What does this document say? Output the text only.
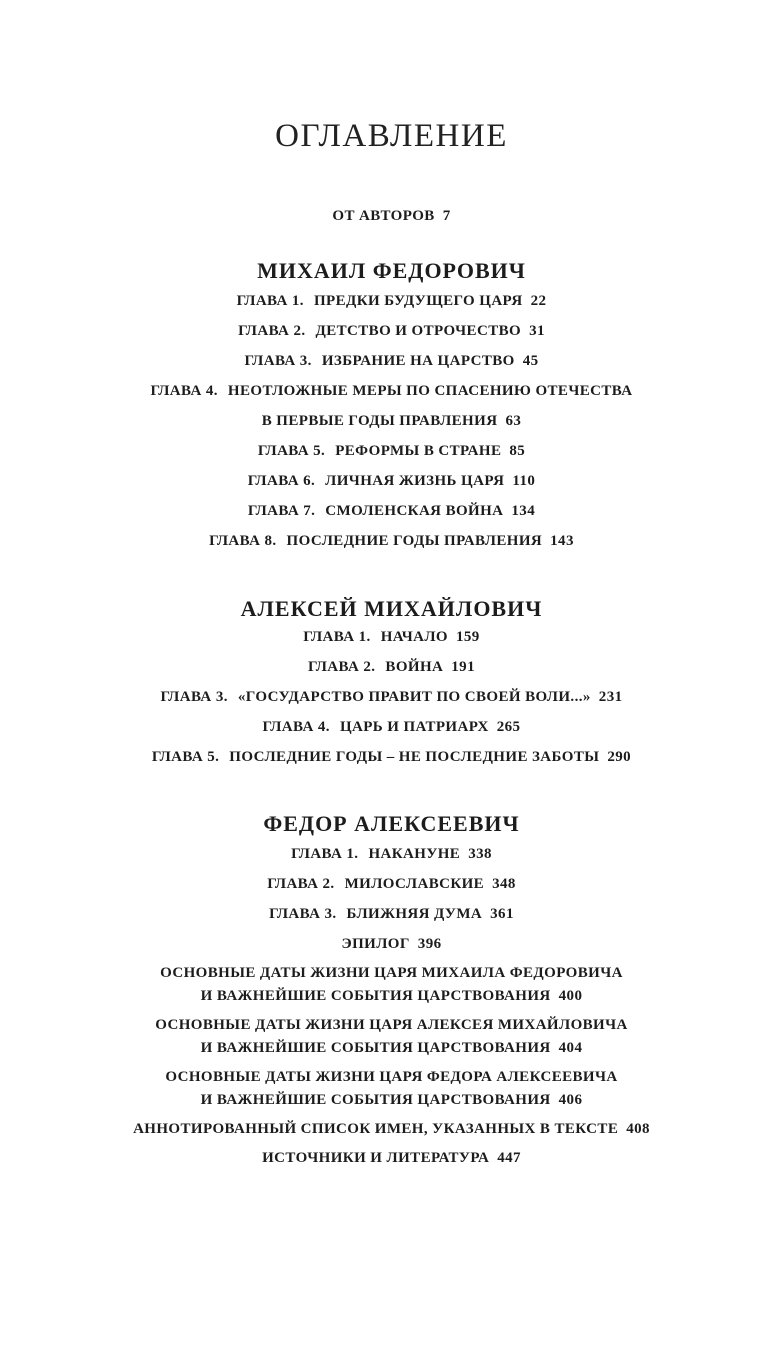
ОГЛАВЛЕНИЕ
ОТ АВТОРОВ 7
МИХАИЛ ФЕДОРОВИЧ
ГЛАВА 1. ПРЕДКИ БУДУЩЕГО ЦАРЯ 22
ГЛАВА 2. ДЕТСТВО И ОТРОЧЕСТВО 31
ГЛАВА 3. ИЗБРАНИЕ НА ЦАРСТВО 45
ГЛАВА 4. НЕОТЛОЖНЫЕ МЕРЫ ПО СПАСЕНИЮ ОТЕЧЕСТВА
В ПЕРВЫЕ ГОДЫ ПРАВЛЕНИЯ 63
ГЛАВА 5. РЕФОРМЫ В СТРАНЕ 85
ГЛАВА 6. ЛИЧНАЯ ЖИЗНЬ ЦАРЯ 110
ГЛАВА 7. СМОЛЕНСКАЯ ВОЙНА 134
ГЛАВА 8. ПОСЛЕДНИЕ ГОДЫ ПРАВЛЕНИЯ 143
АЛЕКСЕЙ МИХАЙЛОВИЧ
ГЛАВА 1. НАЧАЛО 159
ГЛАВА 2. ВОЙНА 191
ГЛАВА 3. «ГОСУДАРСТВО ПРАВИТ ПО СВОЕЙ ВОЛИ...» 231
ГЛАВА 4. ЦАРЬ И ПАТРИАРХ 265
ГЛАВА 5. ПОСЛЕДНИЕ ГОДЫ – НЕ ПОСЛЕДНИЕ ЗАБОТЫ 290
ФЕДОР АЛЕКСЕЕВИЧ
ГЛАВА 1. НАКАНУНЕ 338
ГЛАВА 2. МИЛОСЛАВСКИЕ 348
ГЛАВА 3. БЛИЖНЯЯ ДУМА 361
ЭПИЛОГ 396
ОСНОВНЫЕ ДАТЫ ЖИЗНИ ЦАРЯ МИХАИЛА ФЕДОРОВИЧА
И ВАЖНЕЙШИЕ СОБЫТИЯ ЦАРСТВОВАНИЯ 400
ОСНОВНЫЕ ДАТЫ ЖИЗНИ ЦАРЯ АЛЕКСЕЯ МИХАЙЛОВИЧА
И ВАЖНЕЙШИЕ СОБЫТИЯ ЦАРСТВОВАНИЯ 404
ОСНОВНЫЕ ДАТЫ ЖИЗНИ ЦАРЯ ФЕДОРА АЛЕКСЕЕВИЧА
И ВАЖНЕЙШИЕ СОБЫТИЯ ЦАРСТВОВАНИЯ 406
АННОТИРОВАННЫЙ СПИСОК ИМЕН, УКАЗАННЫХ В ТЕКСТЕ 408
ИСТОЧНИКИ И ЛИТЕРАТУРА 447
